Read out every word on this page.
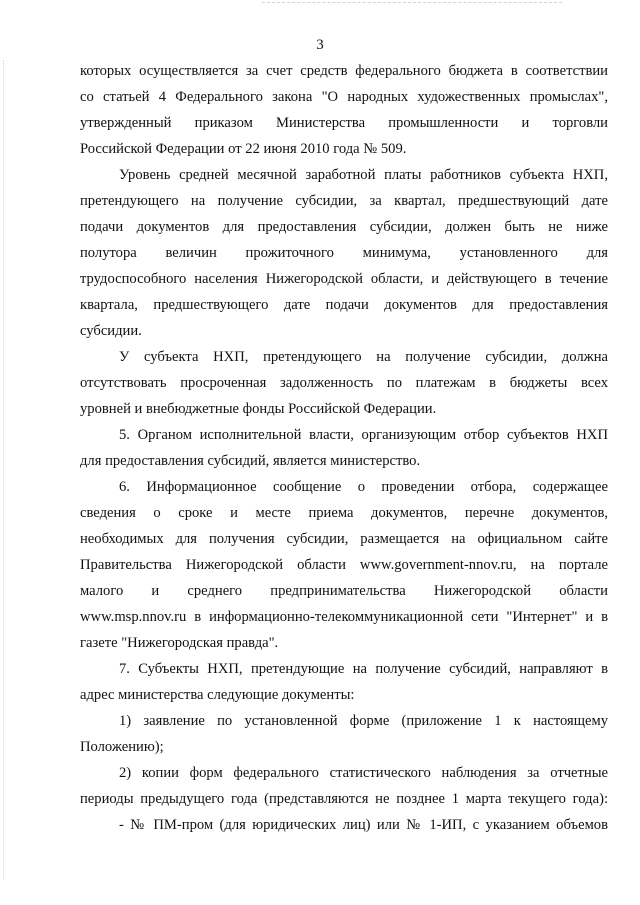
3

которых осуществляется за счет средств федерального бюджета в соответствии

со статьей 4 Федерального закона "О народных художественных промыслах",

утвержденный приказом Министерства промышленности и торговли

Российской Федерации от 22 июня 2010 года № 509.

Уровень средней месячной заработной платы работников субъекта НХП,

претендующего на получение субсидии, за квартал, предшествующий дате

подачи документов для предоставления субсидии, должен быть не ниже

полутора величин прожиточного минимума, установленного для

трудоспособного населения Нижегородской области, и действующего в течение

квартала, предшествующего дате подачи документов для предоставления

субсидии.

У субъекта НХП, претендующего на получение субсидии, должна

отсутствовать просроченная задолженность по платежам в бюджеты всех

уровней и внебюджетные фонды Российской Федерации.

5. Органом исполнительной власти, организующим отбор субъектов НХП

для предоставления субсидий, является министерство.

6. Информационное сообщение о проведении отбора, содержащее

сведения о сроке и месте приема документов, перечне документов,

необходимых для получения субсидии, размещается на официальном сайте

Правительства Нижегородской области www.government-nnov.ru, на портале

малого и среднего предпринимательства Нижегородской области

www.msp.nnov.ru в информационно-телекоммуникационной сети "Интернет" и в

газете "Нижегородская правда".

7. Субъекты НХП, претендующие на получение субсидий, направляют в

адрес министерства следующие документы:

1) заявление по установленной форме (приложение 1 к настоящему

Положению);

2) копии форм федерального статистического наблюдения за отчетные

периоды предыдущего года (представляются не позднее 1 марта текущего года):

- № ПМ-пром (для юридических лиц) или № 1-ИП, с указанием объемов
